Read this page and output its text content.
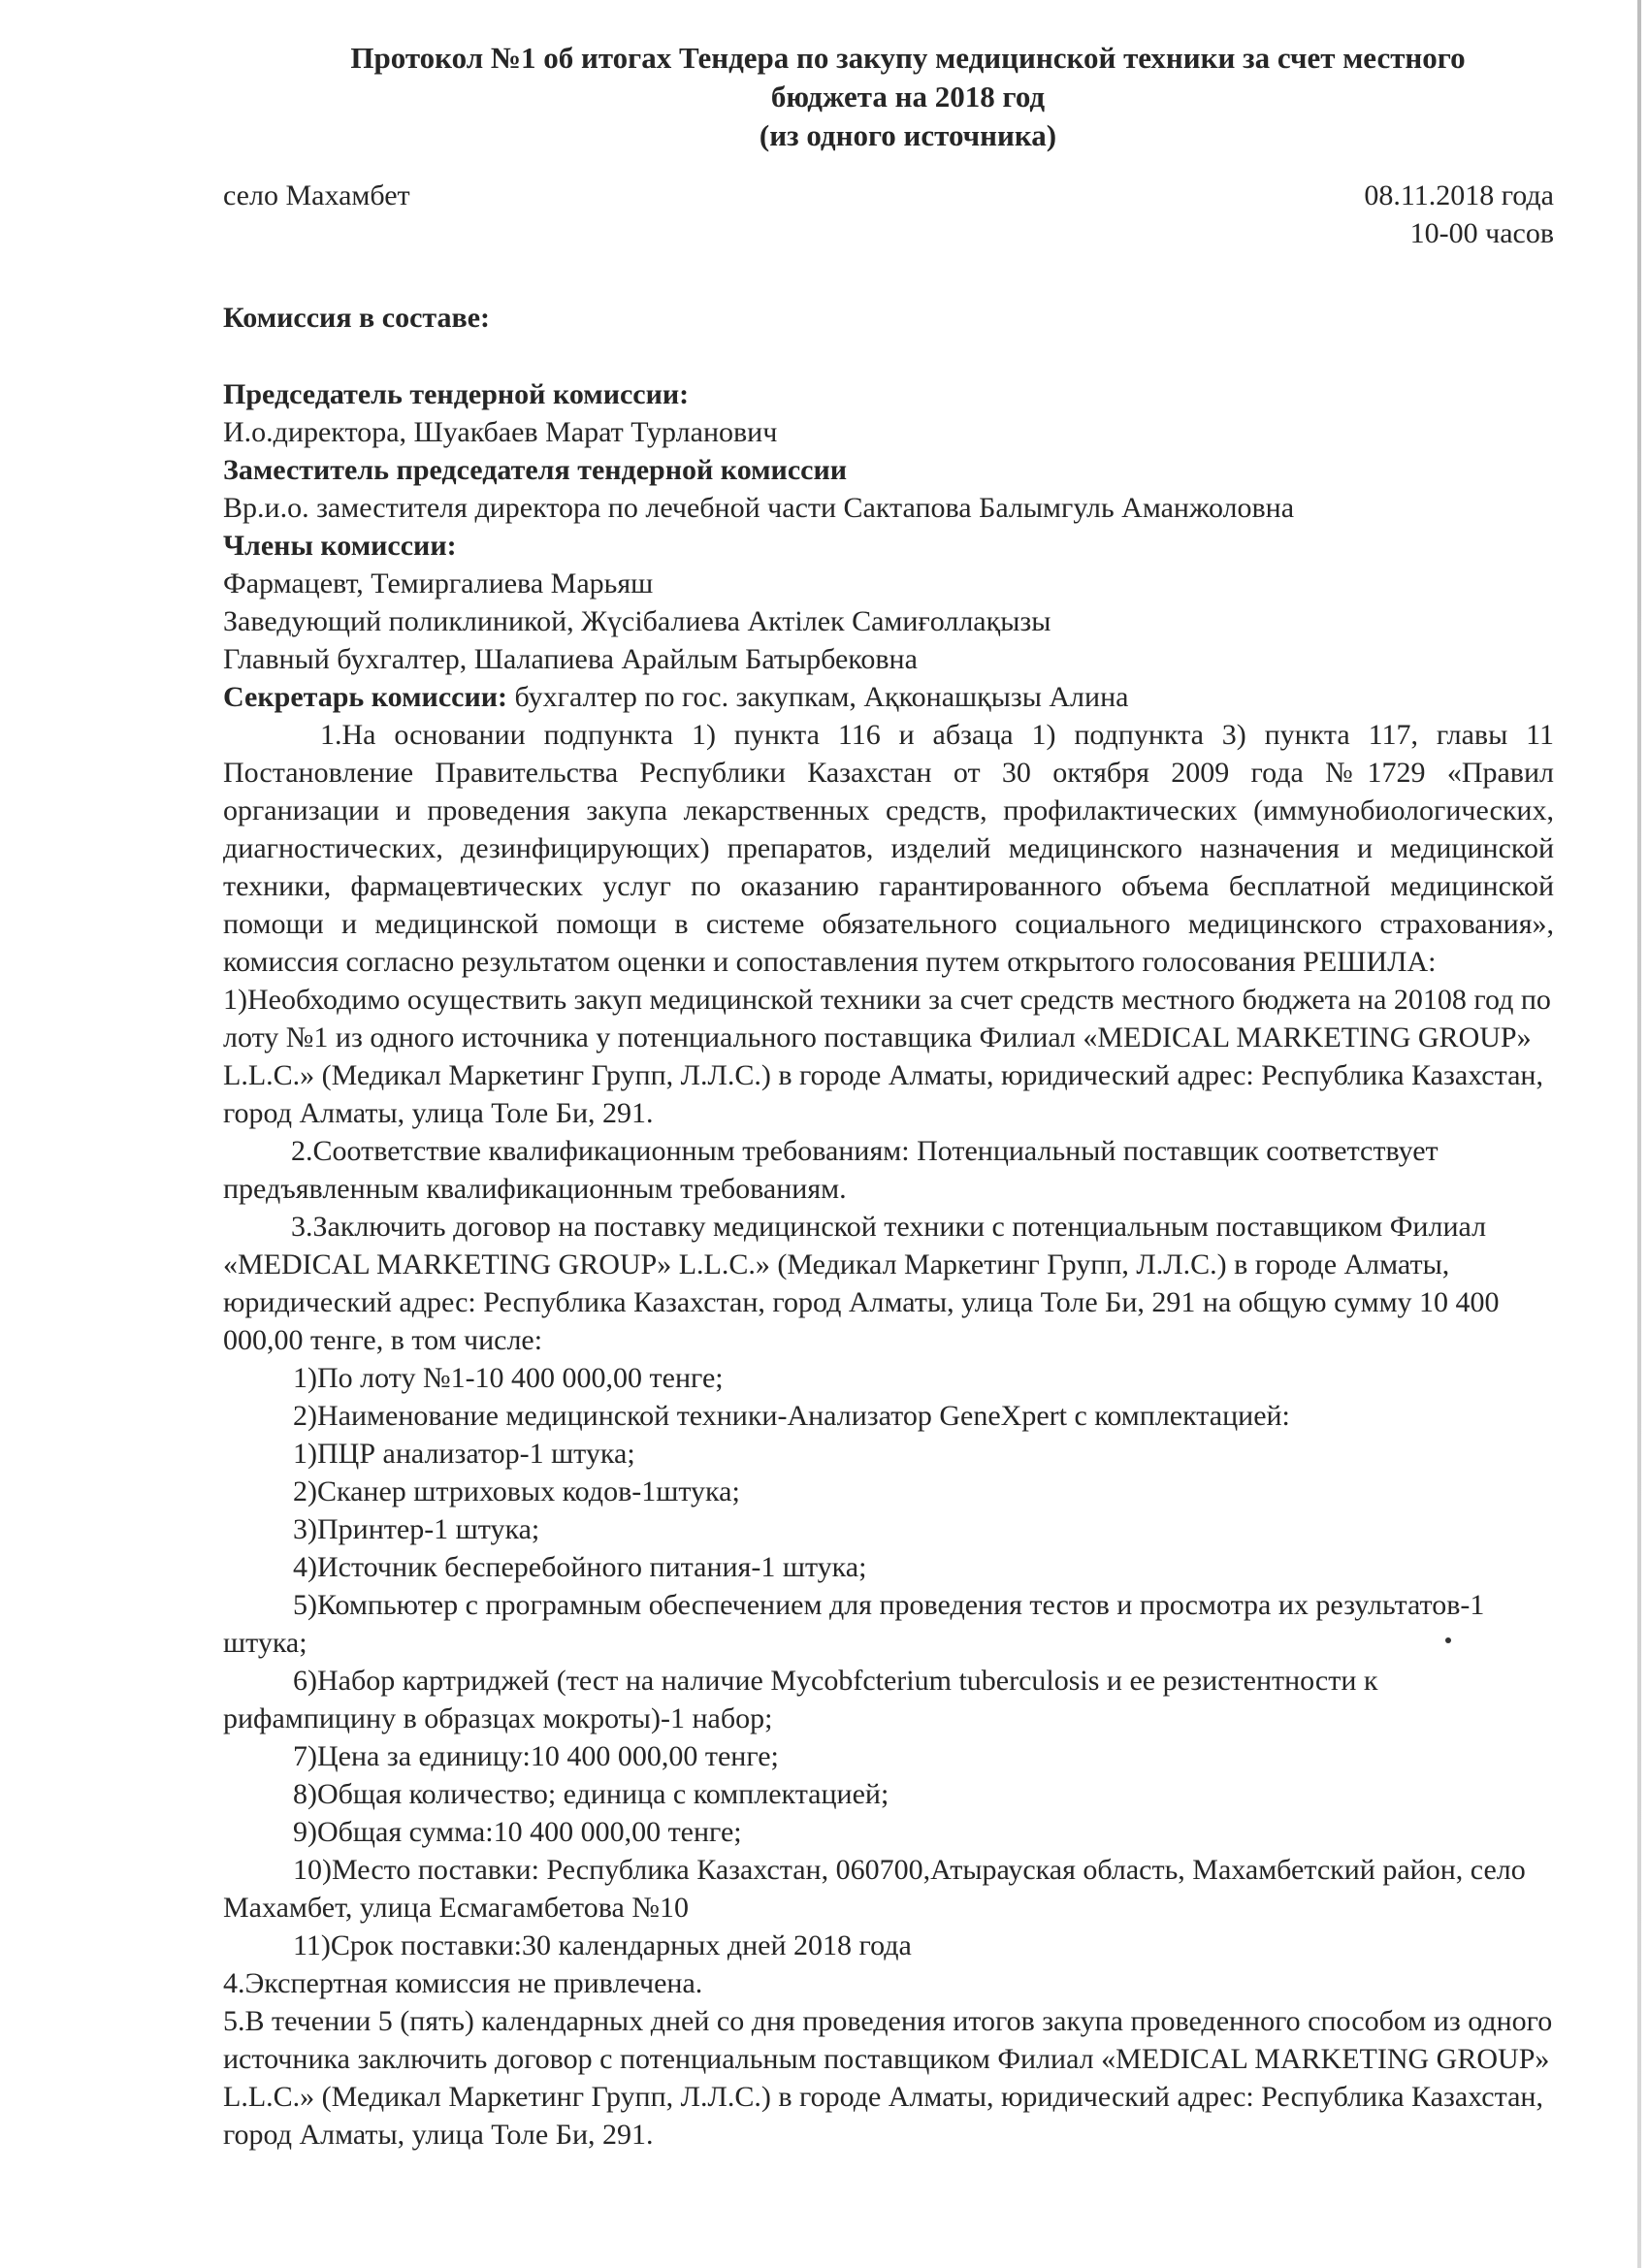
Протокол №1 об итогах Тендера по закупу медицинской техники за счет местного
бюджета на 2018 год
(из одного источника)
село Махамбет	08.11.2018 года
10-00 часов
Комиссия в составе:
Председатель тендерной комиссии:
И.о.директора, Шуакбаев Марат Турланович
Заместитель председателя тендерной комиссии
Вр.и.о. заместителя директора по лечебной части Сактапова Балымгуль Аманжоловна
Члены комиссии:
Фармацевт, Темиргалиева Марьяш
Заведующий поликлиникой, Жүсібалиева Актілек Самиғоллақызы
Главный бухгалтер, Шалапиева Арайлым Батырбековна
Секретарь комиссии: бухгалтер по гос. закупкам, Ақконашқызы Алина

1.На основании подпункта 1) пункта 116 и абзаца 1) подпункта 3) пункта 117, главы 11 Постановление Правительства Республики Казахстан от 30 октября 2009 года №1729 «Правил организации и проведения закупа лекарственных средств, профилактических (иммунобиологических, диагностических, дезинфицирующих) препаратов, изделий медицинского назначения и медицинской техники, фармацевтических услуг по оказанию гарантированного объема бесплатной медицинской помощи и медицинской помощи в системе обязательного социального медицинского страхования», комиссия согласно результатом оценки и сопоставления путем открытого голосования РЕШИЛА:

1)Необходимо осуществить закуп медицинской техники за счет средств местного бюджета на 20108 год по лоту №1 из одного источника у потенциального поставщика Филиал «MEDICAL MARKETING GROUP» L.L.C.» (Медикал Маркетинг Групп, Л.Л.С.) в городе Алматы, юридический адрес: Республика Казахстан, город Алматы, улица Толе Би, 291.

2.Соответствие квалификационным требованиям: Потенциальный поставщик соответствует предъявленным квалификационным требованиям.

3.Заключить договор на поставку медицинской техники с потенциальным поставщиком Филиал «MEDICAL MARKETING GROUP» L.L.C.» (Медикал Маркетинг Групп, Л.Л.С.) в городе Алматы, юридический адрес: Республика Казахстан, город Алматы, улица Толе Би, 291 на общую сумму 10 400 000,00 тенге, в том числе:

1)По лоту №1-10 400 000,00 тенге;

2)Наименование медицинской техники-Анализатор GeneXpert с комплектацией:

1)ПЦР анализатор-1 штука;

2)Сканер штриховых кодов-1штука;

3)Принтер-1 штука;

4)Источник бесперебойного питания-1 штука;

5)Компьютер с програмным обеспечением для проведения тестов и просмотра их результатов-1 штука;

6)Набор картриджей (тест на наличие Mycobfcterium tuberculosis и ее резистентности к рифампицину в образцах мокроты)-1 набор;

7)Цена за единицу:10 400 000,00 тенге;

8)Общая количество; единица с комплектацией;

9)Общая сумма:10 400 000,00 тенге;

10)Место поставки: Республика Казахстан, 060700,Атырауская область, Махамбетский район, село Махамбет, улица Есмагамбетова №10

11)Срок поставки:30 календарных дней 2018 года

4.Экспертная комиссия не привлечена.

5.В течении 5 (пять) календарных дней со дня проведения итогов закупа проведенного способом из одного источника заключить договор с потенциальным поставщиком Филиал «MEDICAL MARKETING GROUP» L.L.C.» (Медикал Маркетинг Групп, Л.Л.С.) в городе Алматы, юридический адрес: Республика Казахстан, город Алматы, улица Толе Би, 291.
